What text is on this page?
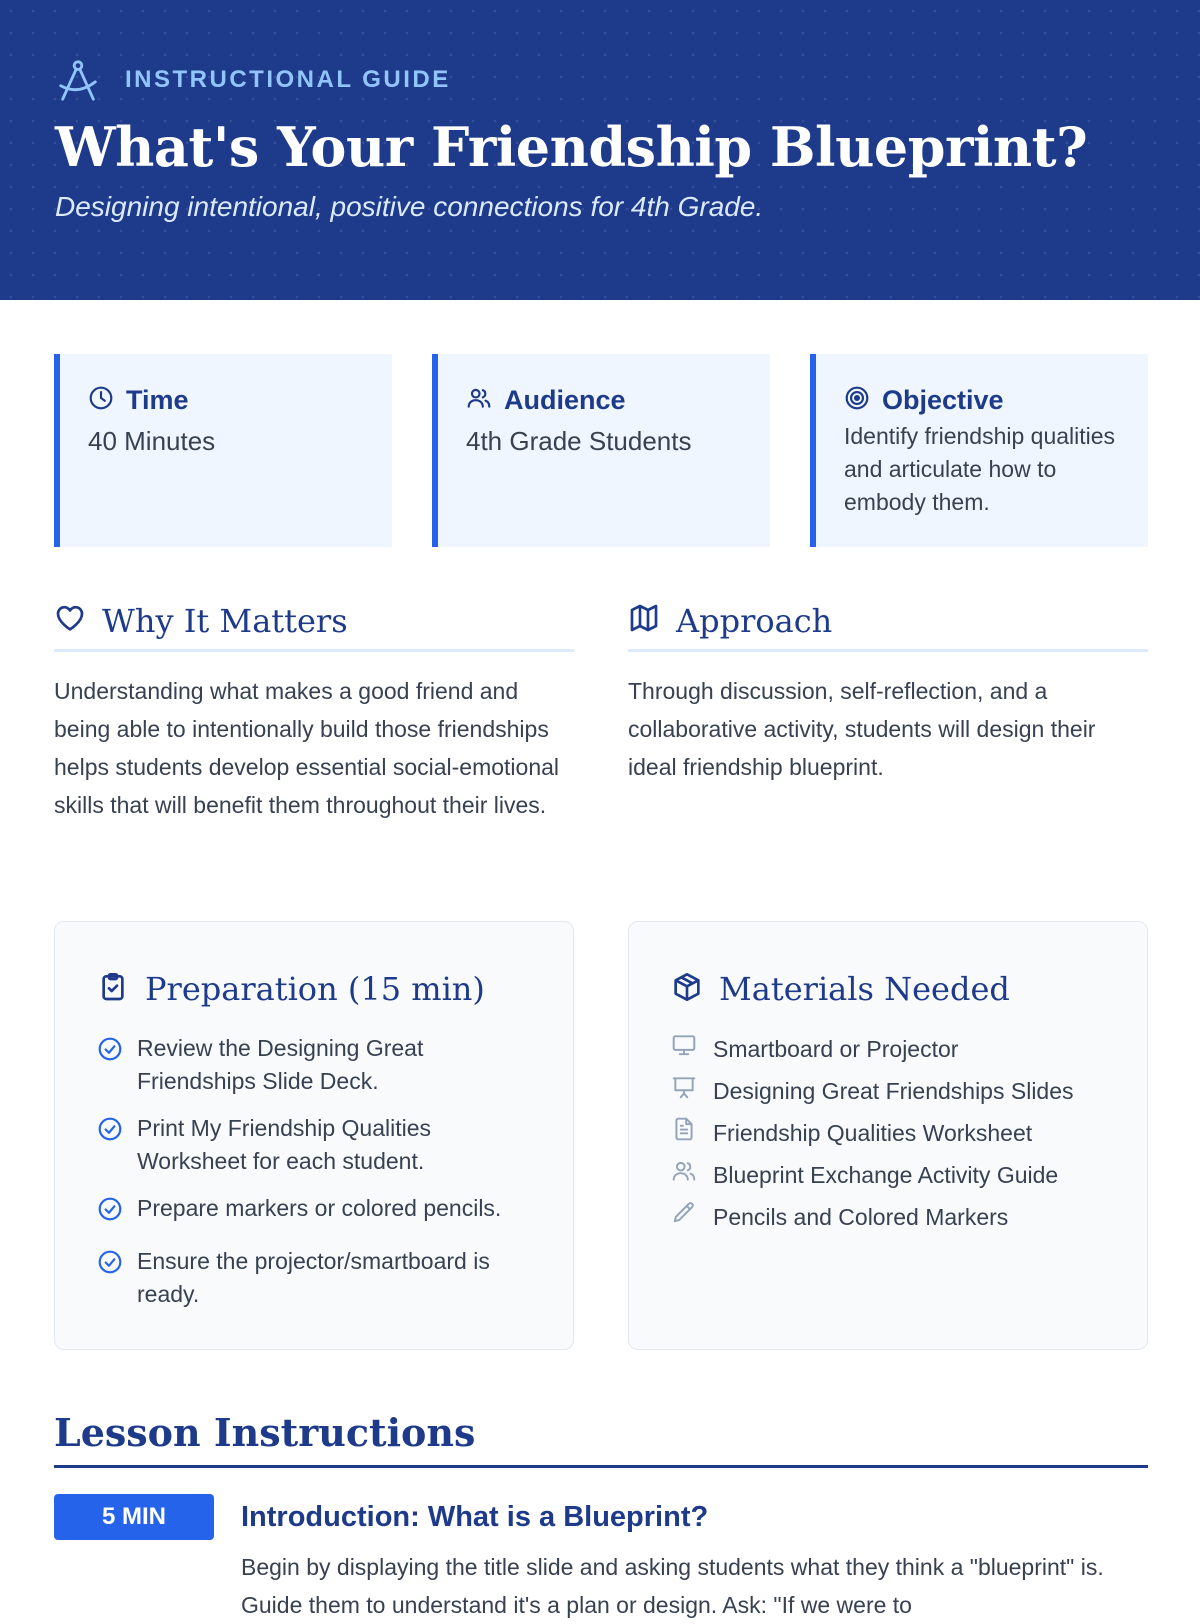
INSTRUCTIONAL GUIDE
What's Your Friendship Blueprint?

Designing intentional, positive connections for 4th Grade.

Time
40 Minutes
Audience
4th Grade Students
Objective
Identify friendship qualities and articulate how to embody them.
Why It Matters

Understanding what makes a good friend and being able to intentionally build those friendships helps students develop essential social-emotional skills that will benefit them throughout their lives.

Approach

Through discussion, self-reflection, and a collaborative activity, students will design their ideal friendship blueprint.

Preparation (15 min)
Review the Designing Great Friendships Slide Deck.
Print My Friendship Qualities Worksheet for each student.
Prepare markers or colored pencils.
Ensure the projector/smartboard is ready.
Materials Needed
Smartboard or Projector
Designing Great Friendships Slides
Friendship Qualities Worksheet
Blueprint Exchange Activity Guide
Pencils and Colored Markers
Lesson Instructions
5 MIN	Introduction: What is a Blueprint?

Begin by displaying the title slide and asking students what they think a "blueprint" is. Guide them to understand it's a plan or design. Ask: "If we were to
